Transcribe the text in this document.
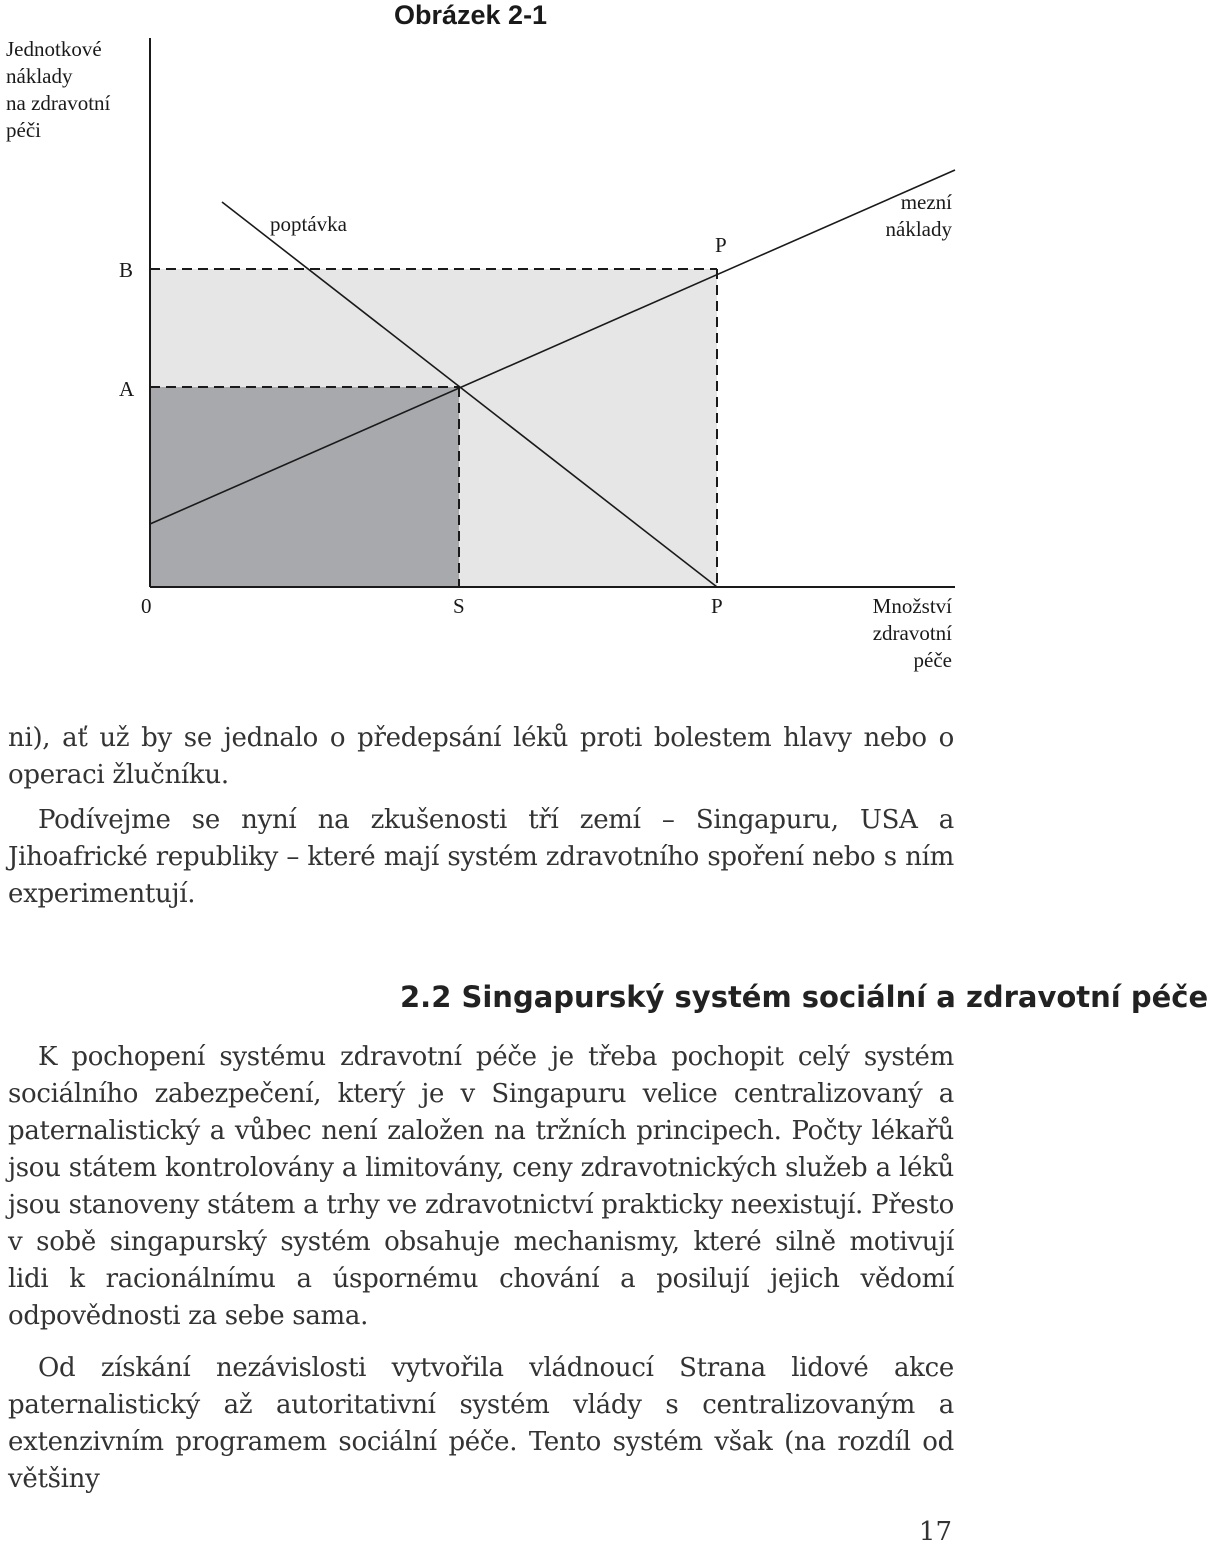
Obrázek 2-1
Jednotkové
náklady
na zdravotní
péči
poptávka
mezní
náklady
P
B
A
0	S	P	Množství
zdravotní
péče

ni), ať už by se jednalo o předepsání léků proti bolestem hlavy nebo o operaci žlučníku.

Podívejme se nyní na zkušenosti tří zemí – Singapuru, USA a Jihoafrické republiky – které mají systém zdravotního spoření nebo s ním experimentují.

2.2 Singapurský systém sociální a zdravotní péče

K pochopení systému zdravotní péče je třeba pochopit celý systém sociálního zabezpečení, který je v Singapuru velice centralizovaný a paternalistický a vůbec není založen na tržních principech. Počty lékařů jsou státem kontrolovány a limitovány, ceny zdravotnických služeb a léků jsou stanoveny státem a trhy ve zdravotnictví prakticky neexistují. Přesto v sobě singapurský systém obsahuje mechanismy, které silně motivují lidi k racionálnímu a úspornému chování a posilují jejich vědomí odpovědnosti za sebe sama.

Od získání nezávislosti vytvořila vládnoucí Strana lidové akce paternalistický až autoritativní systém vlády s centralizovaným a extenzivním programem sociální péče. Tento systém však (na rozdíl od většiny

17
